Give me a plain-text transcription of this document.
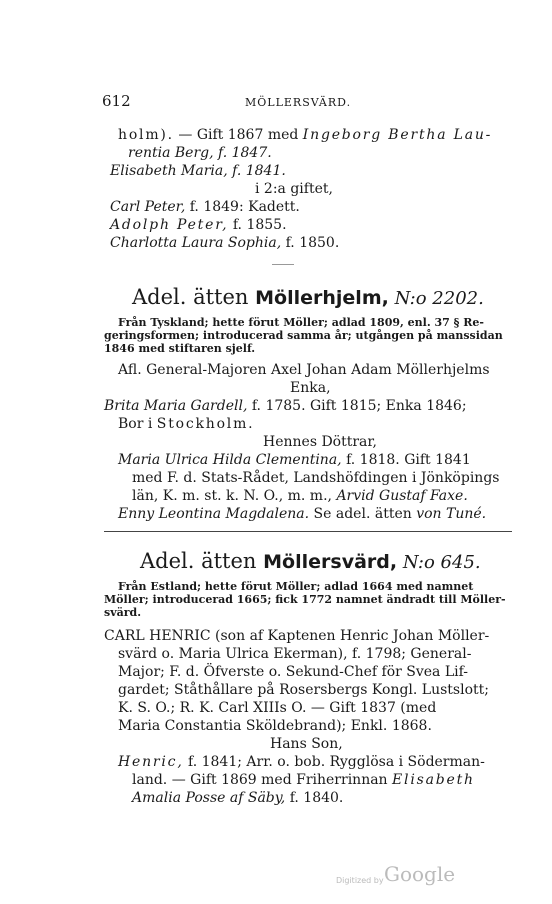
612	MÖLLERSVÄRD.
holm). — Gift 1867 med Ingeborg Bertha Lau-
rentia Berg, f. 1847.
Elisabeth Maria, f. 1841.
i 2:a giftet,
Carl Peter, f. 1849: Kadett.
Adolph Peter, f. 1855.
Charlotta Laura Sophia, f. 1850.
Adel. ätten Möllerhjelm, N:o 2202.
Från Tyskland; hette förut Möller; adlad 1809, enl. 37 § Re-
geringsformen; introducerad samma år; utgången på manssidan
1846 med stiftaren sjelf.
Afl. General-Majoren Axel Johan Adam Möllerhjelms
Enka,
Brita Maria Gardell, f. 1785. Gift 1815; Enka 1846;
Bor i Stockholm.
Hennes Döttrar,
Maria Ulrica Hilda Clementina, f. 1818. Gift 1841
med F. d. Stats-Rådet, Landshöfdingen i Jönköpings
län, K. m. st. k. N. O., m. m., Arvid Gustaf Faxe.
Enny Leontina Magdalena. Se adel. ätten von Tuné.
Adel. ätten Möllersvärd, N:o 645.
Från Estland; hette förut Möller; adlad 1664 med namnet
Möller; introducerad 1665; fick 1772 namnet ändradt till Möller-
svärd.
CARL HENRIC (son af Kaptenen Henric Johan Möller-
svärd o. Maria Ulrica Ekerman), f. 1798; General-
Major; F. d. Öfverste o. Sekund-Chef för Svea Lif-
gardet; Ståthållare på Rosersbergs Kongl. Lustslott;
K. S. O.; R. K. Carl XIIIs O. — Gift 1837 (med
Maria Constantia Sköldebrand); Enkl. 1868.
Hans Son,
Henric, f. 1841; Arr. o. bob. Rygglösa i Söderman-
land. — Gift 1869 med Friherrinnan Elisabeth
Amalia Posse af Säby, f. 1840.
Digitized by Google
